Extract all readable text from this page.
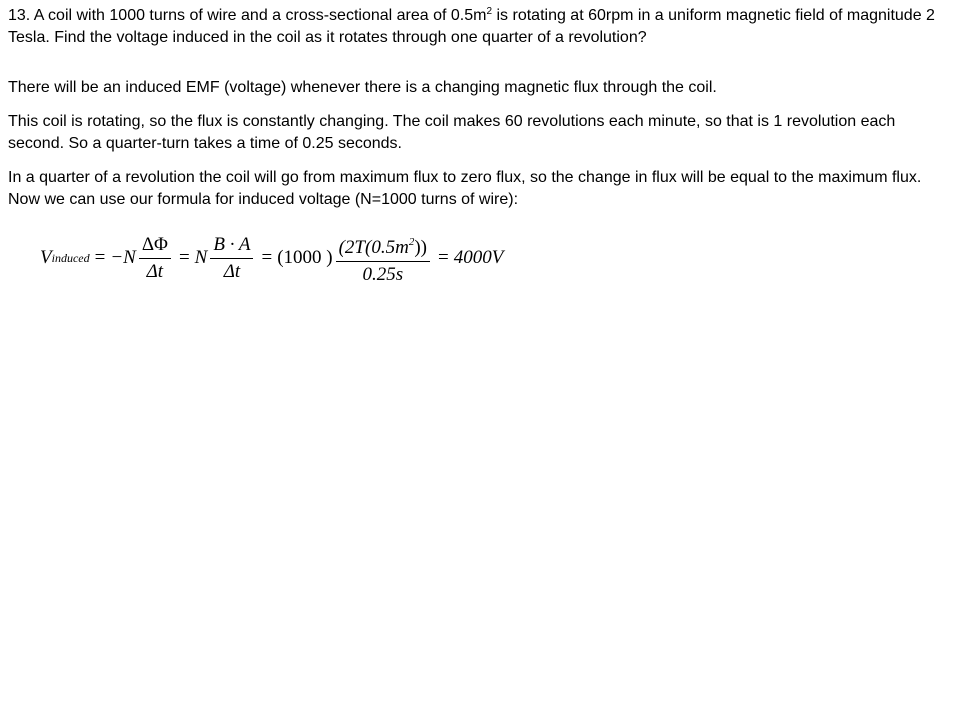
13. A coil with 1000 turns of wire and a cross-sectional area of $0.5m^2$ is rotating at 60rpm in a uniform magnetic field of magnitude 2 Tesla. Find the voltage induced in the coil as it rotates through one quarter of a revolution?

There will be an induced EMF (voltage) whenever there is a changing magnetic flux through the coil.

This coil is rotating, so the flux is constantly changing. The coil makes 60 revolutions each minute, so that is 1 revolution each second. So a quarter-turn takes a time of 0.25 seconds.

In a quarter of a revolution the coil will go from maximum flux to zero flux, so the change in flux will be equal to the maximum flux. Now we can use our formula for induced voltage (N=1000 turns of wire):

V induced = $-N \frac{\Delta\Phi}{\Delta t} = N \frac{B \cdot A}{\Delta t} = (1000$ ) $\frac{(2T(0.5m^2))}{0.25s} = 4000V$
